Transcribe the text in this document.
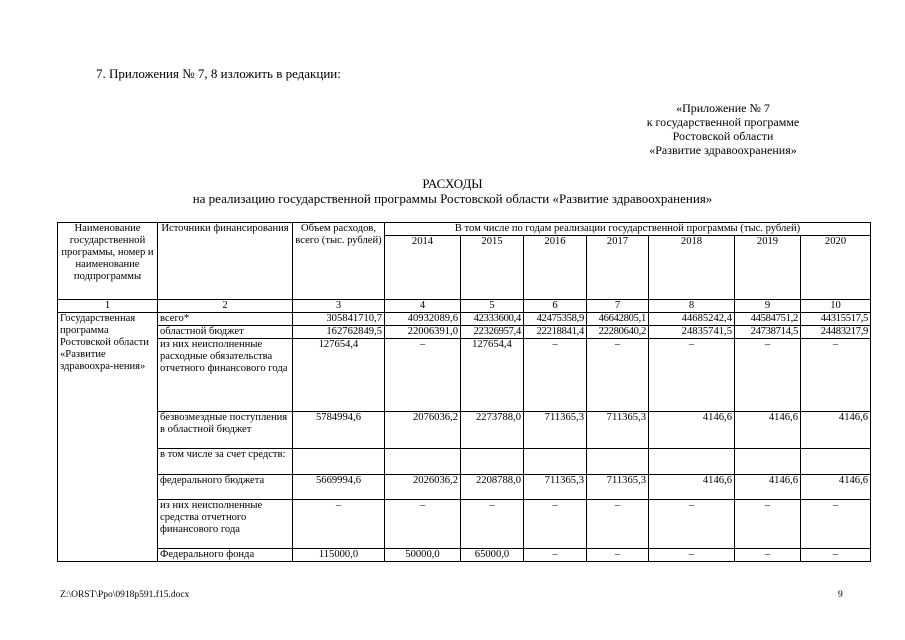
7. Приложения № 7, 8 изложить в редакции:
«Приложение № 7
к государственной программе
Ростовской области
«Развитие здравоохранения»
РАСХОДЫ
на реализацию государственной программы Ростовской области «Развитие здравоохранения»
Наименование государственной программы, номер и наименование подпрограммы	Источники финансирования	Объем расходов, всего (тыс. рублей)	В том числе по годам реализации государственной программы (тыс. рублей)						
			2014	2015	2016	2017	2018	2019	2020
1	2	3	4	5	6	7	8	9	10
Государственная программа Ростовской области «Развитие здравоохра-нения»	всего*	305841710,7	40932089,6	42333600,4	42475358,9	46642805,1	44685242,4	44584751,2	44315517,5
	областной бюджет	162762849,5	22006391,0	22326957,4	22218841,4	22280640,2	24835741,5	24738714,5	24483217,9
	из них неисполненные расходные обязательства отчетного финансового года	127654,4	–	127654,4	–	–	–	–	–
	безвозмездные поступления в областной бюджет	5784994,6	2076036,2	2273788,0	711365,3	711365,3	4146,6	4146,6	4146,6
	в том числе за счет средств:								
	федерального бюджета	5669994,6	2026036,2	2208788,0	711365,3	711365,3	4146,6	4146,6	4146,6
	из них неисполненные средства отчетного финансового года	–	–	–	–	–	–	–	–
	Федерального фонда	115000,0	50000,0	65000,0	–	–	–	–	–
Z:\ORST\Ppo\0918p591.f15.docx	9
